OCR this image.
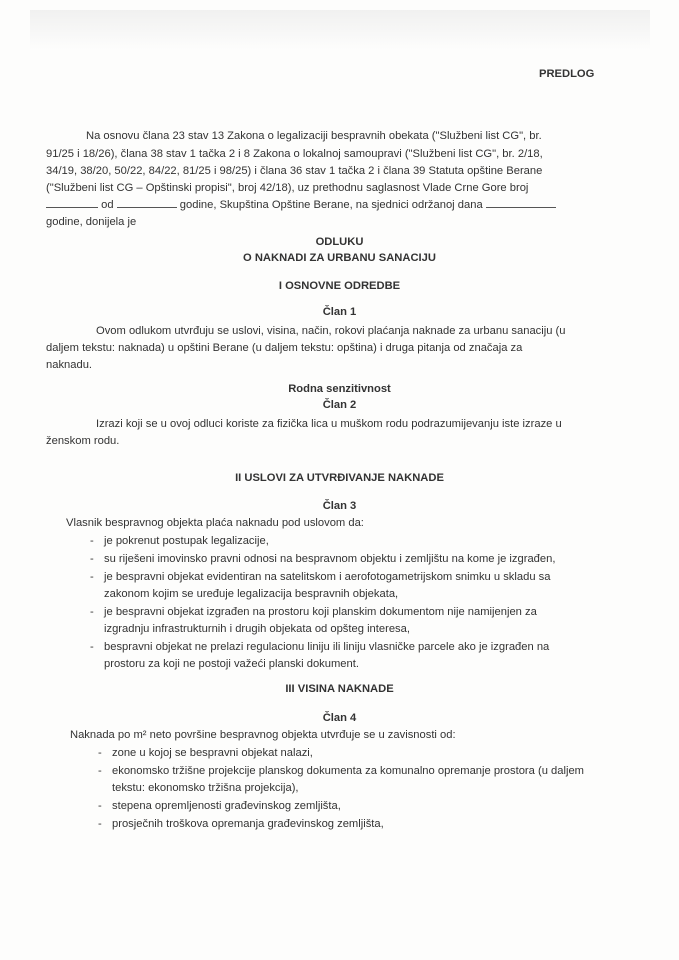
PREDLOG
Na osnovu člana 23 stav 13 Zakona o legalizaciji bespravnih obekata ("Službeni list CG", br.
91/25 i 18/26), člana 38 stav 1 tačka 2 i 8 Zakona o lokalnoj samoupravi ("Službeni list CG", br. 2/18,
34/19, 38/20, 50/22, 84/22, 81/25 i 98/25) i člana 36 stav 1 tačka 2 i člana 39 Statuta opštine Berane
("Službeni list CG – Opštinski propisi", broj 42/18), uz prethodnu saglasnost Vlade Crne Gore broj
od	godine, Skupština Opštine Berane, na sjednici održanoj dana
godine, donijela je
ODLUKU
O NAKNADI ZA URBANU SANACIJU
I OSNOVNE ODREDBE
Član 1
Ovom odlukom utvrđuju se uslovi, visina, način, rokovi plaćanja naknade za urbanu sanaciju (u
daljem tekstu: naknada) u opštini Berane (u daljem tekstu: opština) i druga pitanja od značaja za
naknadu.
Rodna senzitivnost
Član 2
Izrazi koji se u ovoj odluci koriste za fizička lica u muškom rodu podrazumijevanju iste izraze u
ženskom rodu.
II USLOVI ZA UTVRĐIVANJE NAKNADE
Član 3
Vlasnik bespravnog objekta plaća naknadu pod uslovom da:
- je pokrenut postupak legalizacije,
- su riješeni imovinsko pravni odnosi na bespravnom objektu i zemljištu na kome je izgrađen,
- je bespravni objekat evidentiran na satelitskom i aerofotogametrijskom snimku u skladu sa
zakonom kojim se uređuje legalizacija bespravnih objekata,
- je bespravni objekat izgrađen na prostoru koji planskim dokumentom nije namijenjen za
izgradnju infrastrukturnih i drugih objekata od opšteg interesa,
- bespravni objekat ne prelazi regulacionu liniju ili liniju vlasničke parcele ako je izgrađen na
prostoru za koji ne postoji važeći planski dokument.
III VISINA NAKNADE
Član 4
Naknada po m² neto površine bespravnog objekta utvrđuje se u zavisnosti od:
- zone u kojoj se bespravni objekat nalazi,
- ekonomsko tržišne projekcije planskog dokumenta za komunalno opremanje prostora (u daljem
tekstu: ekonomsko tržišna projekcija),
- stepena opremljenosti građevinskog zemljišta,
- prosječnih troškova opremanja građevinskog zemljišta,
